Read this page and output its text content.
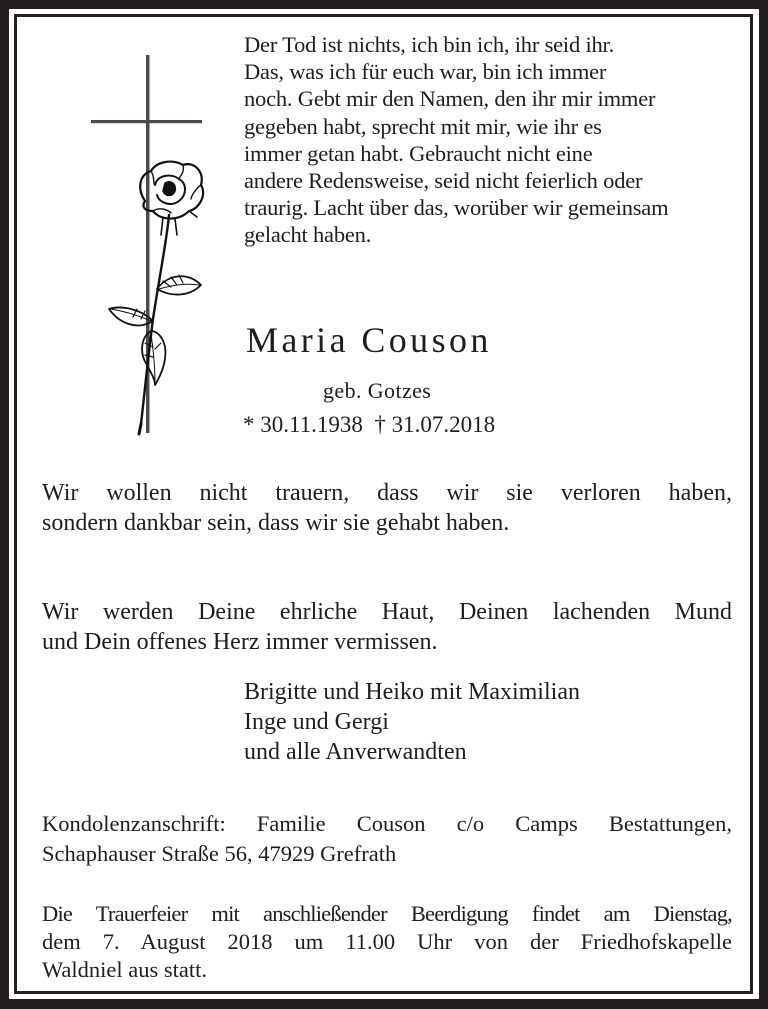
Der Tod ist nichts, ich bin ich, ihr seid ihr.
Das, was ich für euch war, bin ich immer
noch. Gebt mir den Namen, den ihr mir immer
gegeben habt, sprecht mit mir, wie ihr es
immer getan habt. Gebraucht nicht eine
andere Redensweise, seid nicht feierlich oder
traurig. Lacht über das, worüber wir gemeinsam
gelacht haben.
Maria Couson
geb. Gotzes
* 30.11.1938 † 31.07.2018
Wir wollen nicht trauern, dass wir sie verloren haben,
sondern dankbar sein, dass wir sie gehabt haben.
Wir werden Deine ehrliche Haut, Deinen lachenden Mund
und Dein offenes Herz immer vermissen.
Brigitte und Heiko mit Maximilian
Inge und Gergi
und alle Anverwandten
Kondolenzanschrift: Familie Couson c/o Camps Bestattungen,
Schaphauser Straße 56, 47929 Grefrath
Die Trauerfeier mit anschließender Beerdigung findet am Dienstag,
dem 7. August 2018 um 11.00 Uhr von der Friedhofskapelle
Waldniel aus statt.
